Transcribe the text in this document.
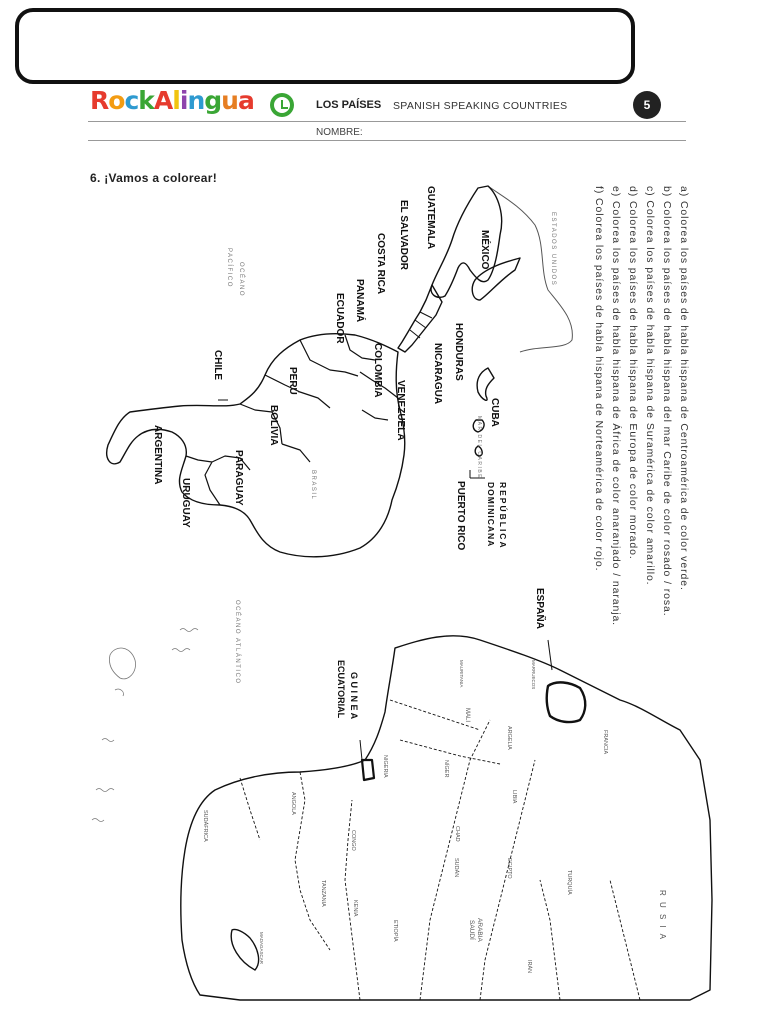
RockAlingua	LOS PAÍSES SPANISH SPEAKING COUNTRIES	5
NOMBRE:
6. ¡Vamos a colorear!
a) Colorea los países de habla hispana de Centroamérica de color verde.
b) Colorea los países de habla hispana del mar Caribe de color rosado / rosa.
c) Colorea los países de habla hispana de Suramérica de color amarillo.
d) Colorea los países de habla hispana de Europa de color morado.
e) Colorea los países de habla hispana de África de color anaranjado / naranja.
f) Colorea los países de habla hispana de Norteamérica de color rojo.
MÉXICO
GUATEMALA
EL SALVADOR
COSTA RICA
PANAMÁ
ECUADOR
HONDURAS
NICARAGUA
COLOMBIA
VENEZUELA
PERÚ
CHILE
BOLIVIA
ARGENTINA	PARAGUAY
URUGUAY
CUBA
REPÚBLICA
DOMINICANA
PUERTO RICO
ESTADOS UNIDOS
OCÉANO
PACÍFICO
MAR DEL CARIBE
BRASIL
OCÉANO ATLÁNTICO	ESPAÑA
G U I N E A
ECUATORIAL
R U S I A
MALI
ARGELIA
LIBIA
NÍGER
CHAD
NIGERIA
SUDÁN	EGIPTO
ARABIA
SAUDÍ
IRÁN
TURQUÍA
FRANCIA
CONGO
ANGOLA
ETIOPÍA
KENIA
TANZANIA
SUDÁFRICA
MADAGASCAR
MAURITANIA	MARRUECOS
